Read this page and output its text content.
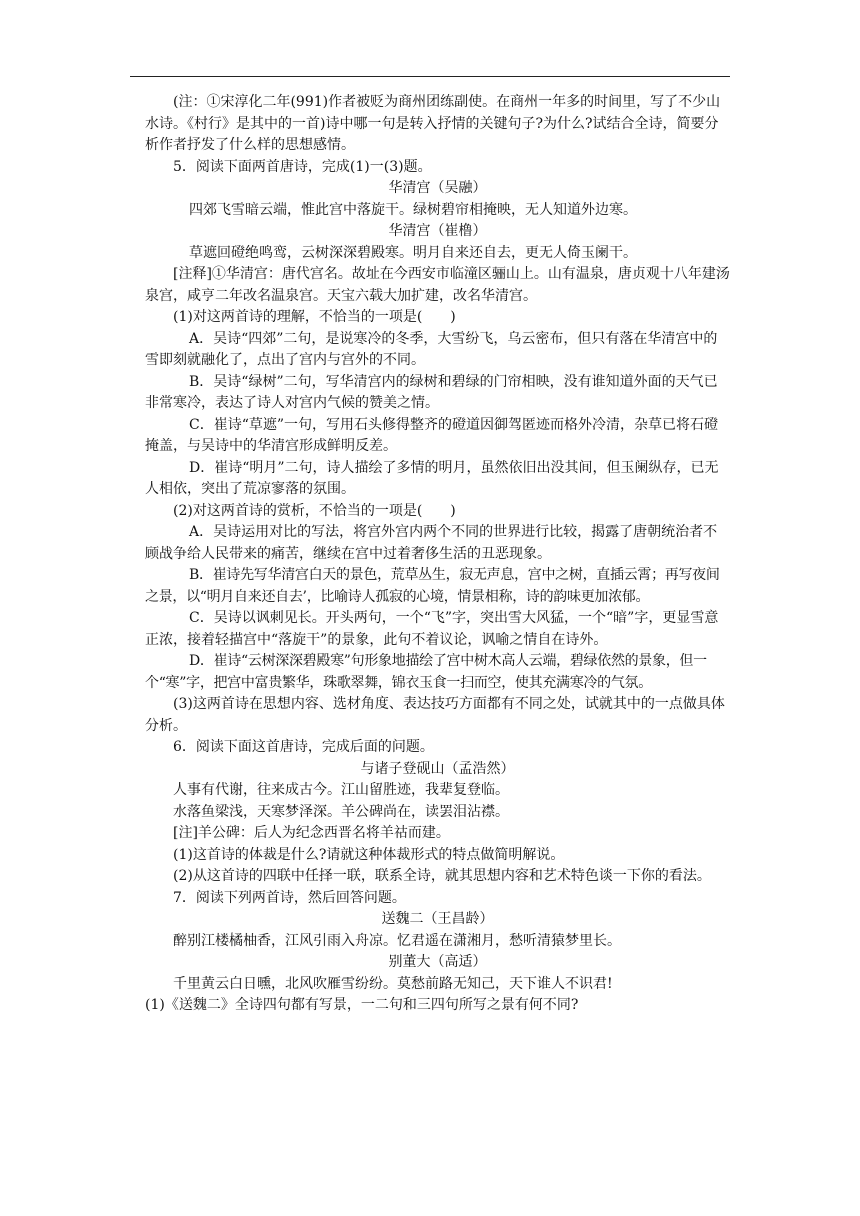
(注：①宋淳化二年(991)作者被贬为商州团练副使。在商州一年多的时间里，写了不少山水诗。《村行》是其中的一首)诗中哪一句是转入抒情的关键句子?为什么?试结合全诗，简要分析作者抒发了什么样的思想感情。

5．阅读下面两首唐诗，完成(1)一(3)题。

华清宫（吴融）

四郊飞雪暗云端，惟此宫中落旋干。绿树碧帘相掩映，无人知道外边寒。

华清宫（崔橹）

草遮回磴绝鸣鸾，云树深深碧殿寒。明月自来还自去，更无人倚玉阑干。

[注释]①华清宫：唐代宫名。故址在今西安市临潼区骊山上。山有温泉，唐贞观十八年建汤泉宫，咸亨二年改名温泉宫。天宝六载大加扩建，改名华清宫。

(1)对这两首诗的理解，不恰当的一项是(　　)

A．吴诗“四郊”二句，是说寒冷的冬季，大雪纷飞，乌云密布，但只有落在华清宫中的雪即刻就融化了，点出了宫内与宫外的不同。

B．吴诗“绿树”二句，写华清宫内的绿树和碧绿的门帘相映，没有谁知道外面的天气已非常寒冷，表达了诗人对宫内气候的赞美之情。

C．崔诗“草遮”一句，写用石头修得整齐的磴道因御驾匿迹而格外冷清，杂草已将石磴掩盖，与吴诗中的华清宫形成鲜明反差。

D．崔诗“明月”二句，诗人描绘了多情的明月，虽然依旧出没其间，但玉阑纵存，已无人相依，突出了荒凉寥落的氛围。

(2)对这两首诗的赏析，不恰当的一项是(　　)

A．吴诗运用对比的写法，将宫外宫内两个不同的世界进行比较，揭露了唐朝统治者不顾战争给人民带来的痛苦，继续在宫中过着奢侈生活的丑恶现象。

B．崔诗先写华清宫白天的景色，荒草丛生，寂无声息，宫中之树，直插云霄；再写夜间之景，以“明月自来还自去’，比喻诗人孤寂的心境，情景相称，诗的韵味更加浓郁。

C．吴诗以讽刺见长。开头两句，一个“飞”字，突出雪大风猛，一个“暗”字，更显雪意正浓，接着轻描宫中“落旋干”的景象，此句不着议论，讽喻之情自在诗外。

D．崔诗“云树深深碧殿寒”句形象地描绘了宫中树木高人云端，碧绿依然的景象，但一个“寒”字，把宫中富贵繁华，珠歌翠舞，锦衣玉食一扫而空，使其充满寒冷的气氛。

(3)这两首诗在思想内容、选材角度、表达技巧方面都有不同之处，试就其中的一点做具体分析。

6．阅读下面这首唐诗，完成后面的问题。

与诸子登砚山（孟浩然）

人事有代谢，往来成古今。江山留胜迹，我辈复登临。

水落鱼梁浅，天寒梦泽深。羊公碑尚在，读罢泪沾襟。

[注]羊公碑：后人为纪念西晋名将羊祜而建。

(1)这首诗的体裁是什么?请就这种体裁形式的特点做简明解说。

(2)从这首诗的四联中任择一联，联系全诗，就其思想内容和艺术特色谈一下你的看法。

7．阅读下列两首诗，然后回答问题。

送魏二（王昌龄）

醉别江楼橘柚香，江风引雨入舟凉。忆君遥在潇湘月，愁听清猿梦里长。

别董大（高适）

千里黄云白日曛，北风吹雁雪纷纷。莫愁前路无知己，天下谁人不识君!

(1)《送魏二》全诗四句都有写景，一二句和三四句所写之景有何不同?
